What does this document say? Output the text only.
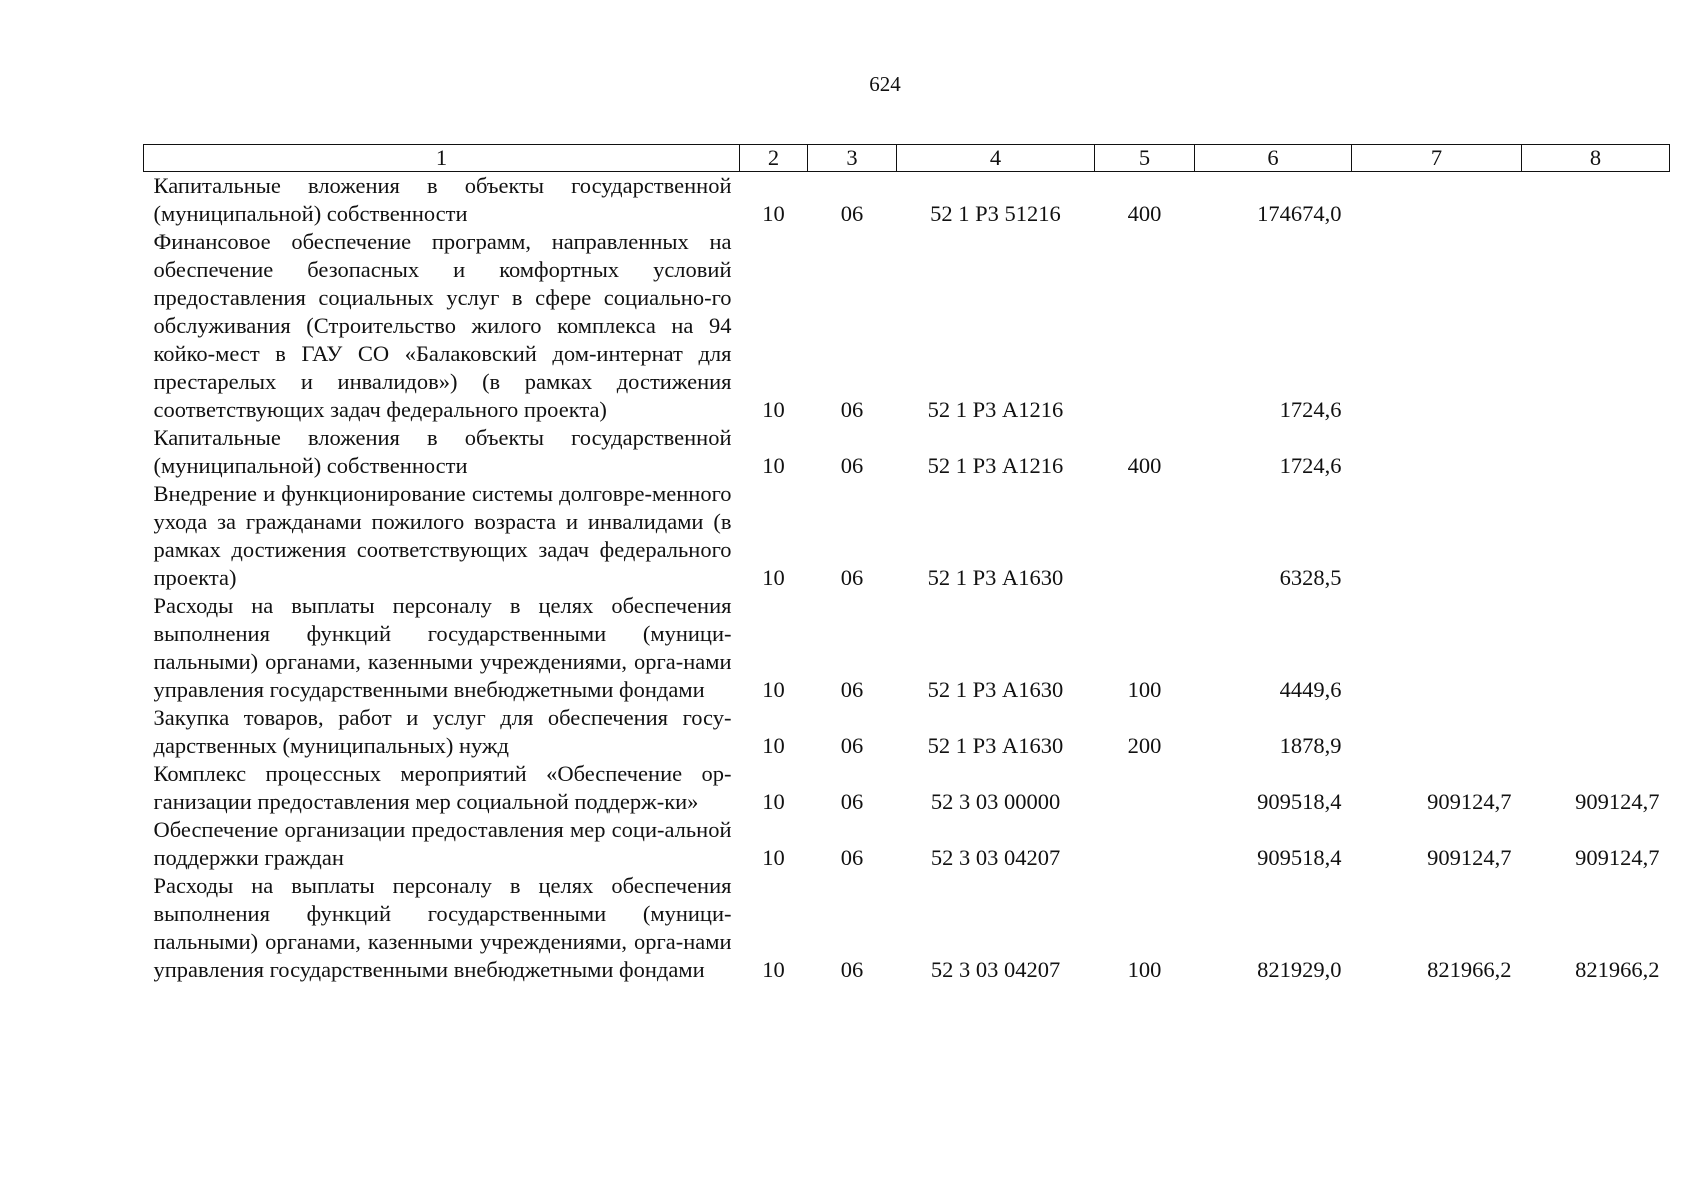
624
1	2	3	4	5	6	7	8
Капитальные вложения в объекты государственной (муниципальной) собственности	10	06	52 1 Р3 51216	400	174674,0		
Финансовое обеспечение программ, направленных на обеспечение безопасных и комфортных условий предоставления социальных услуг в сфере социально-го обслуживания (Строительство жилого комплекса на 94 койко-мест в ГАУ СО «Балаковский дом-интернат для престарелых и инвалидов») (в рамках достижения соответствующих задач федерального проекта)	10	06	52 1 Р3 А1216		1724,6		
Капитальные вложения в объекты государственной (муниципальной) собственности	10	06	52 1 Р3 А1216	400	1724,6		
Внедрение и функционирование системы долговре-менного ухода за гражданами пожилого возраста и инвалидами (в рамках достижения соответствующих задач федерального проекта)	10	06	52 1 Р3 А1630		6328,5		
Расходы на выплаты персоналу в целях обеспечения выполнения функций государственными (муници-пальными) органами, казенными учреждениями, орга-нами управления государственными внебюджетными фондами	10	06	52 1 Р3 А1630	100	4449,6		
Закупка товаров, работ и услуг для обеспечения госу-дарственных (муниципальных) нужд	10	06	52 1 Р3 А1630	200	1878,9		
Комплекс процессных мероприятий «Обеспечение ор-ганизации предоставления мер социальной поддерж-ки»	10	06	52 3 03 00000		909518,4	909124,7	909124,7
Обеспечение организации предоставления мер соци-альной поддержки граждан	10	06	52 3 03 04207		909518,4	909124,7	909124,7
Расходы на выплаты персоналу в целях обеспечения выполнения функций государственными (муници-пальными) органами, казенными учреждениями, орга-нами управления государственными внебюджетными фондами	10	06	52 3 03 04207	100	821929,0	821966,2	821966,2
